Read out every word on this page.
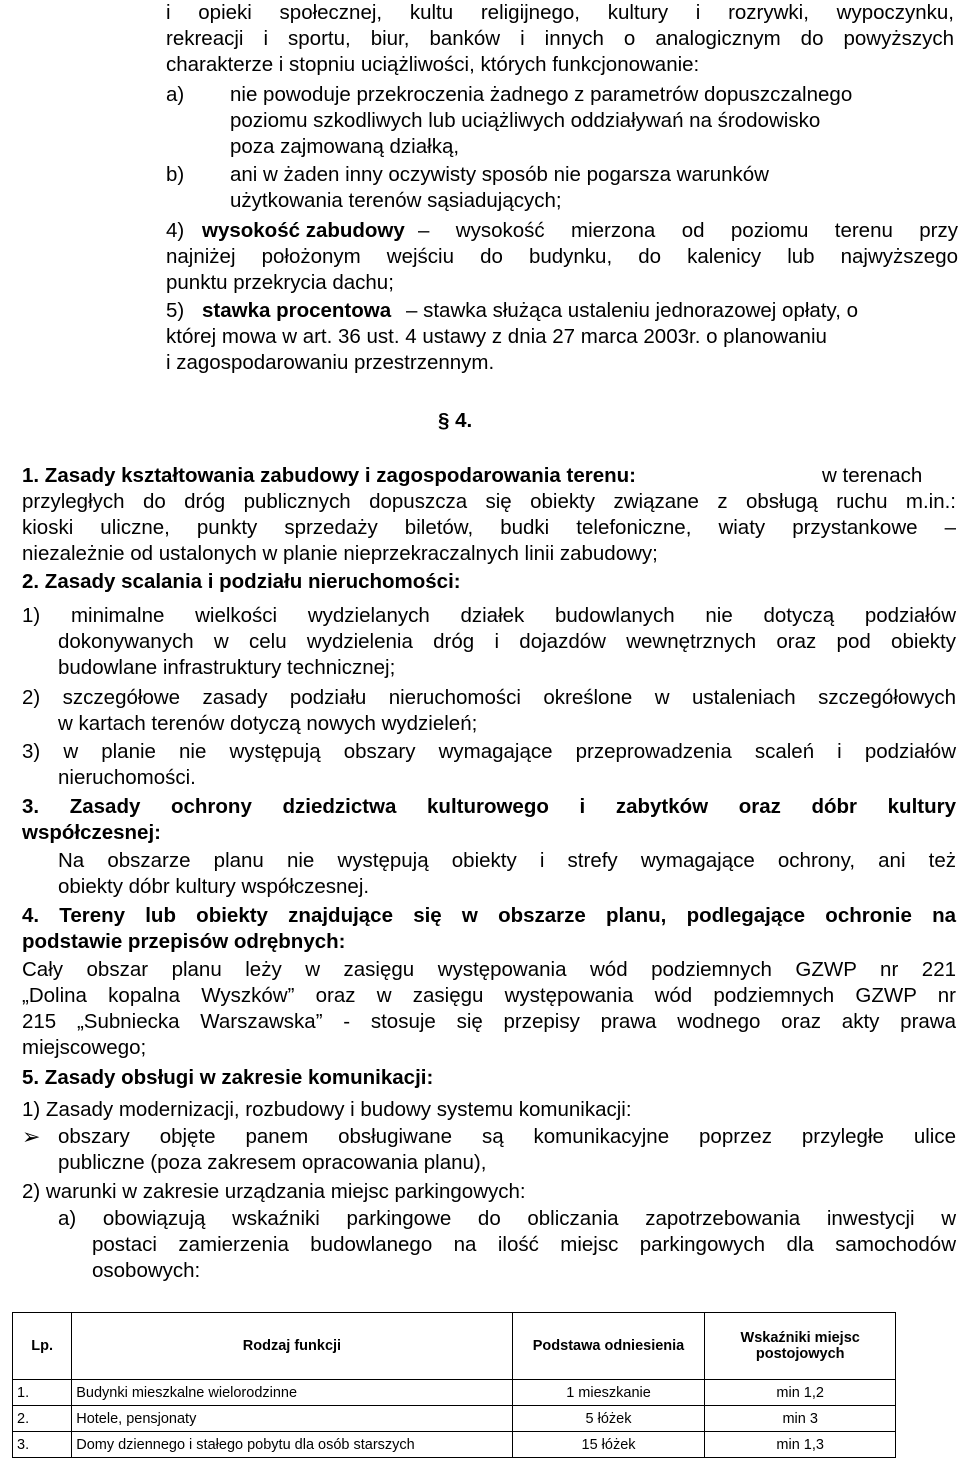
i opieki społecznej, kultu religijnego, kultury i rozrywki, wypoczynku,
rekreacji i sportu, biur, banków i innych o analogicznym do powyższych
charakterze i stopniu uciążliwości, których funkcjonowanie:
a) nie powoduje przekroczenia żadnego z parametrów dopuszczalnego
poziomu szkodliwych lub uciążliwych oddziaływań na środowisko
poza zajmowaną działką,
b) ani w żaden inny oczywisty sposób nie pogarsza warunków
użytkowania terenów sąsiadujących;
4) wysokość zabudowy – wysokość mierzona od poziomu terenu przy
najniżej położonym wejściu do budynku, do kalenicy lub najwyższego
punktu przekrycia dachu;
5) stawka procentowa – stawka służąca ustaleniu jednorazowej opłaty, o
której mowa w art. 36 ust. 4 ustawy z dnia 27 marca 2003r. o planowaniu
i zagospodarowaniu przestrzennym.
§ 4.
1. Zasady kształtowania zabudowy i zagospodarowania terenu:	w terenach
przyległych do dróg publicznych dopuszcza się obiekty związane z obsługą ruchu m.in.:
kioski uliczne, punkty sprzedaży biletów, budki telefoniczne, wiaty przystankowe –
niezależnie od ustalonych w planie nieprzekraczalnych linii zabudowy;
2. Zasady scalania i podziału nieruchomości:
1) minimalne wielkości wydzielanych działek budowlanych nie dotyczą podziałów
dokonywanych w celu wydzielenia dróg i dojazdów wewnętrznych oraz pod obiekty
budowlane infrastruktury technicznej;
2) szczegółowe zasady podziału nieruchomości określone w ustaleniach szczegółowych
w kartach terenów dotyczą nowych wydzieleń;
3) w planie nie występują obszary wymagające przeprowadzenia scaleń i podziałów
nieruchomości.
3. Zasady ochrony dziedzictwa kulturowego i zabytków oraz dóbr kultury
współczesnej:
Na obszarze planu nie występują obiekty i strefy wymagające ochrony, ani też
obiekty dóbr kultury współczesnej.
4. Tereny lub obiekty znajdujące się w obszarze planu, podlegające ochronie na
podstawie przepisów odrębnych:
Cały obszar planu leży w zasięgu występowania wód podziemnych GZWP nr 221
„Dolina kopalna Wyszków” oraz w zasięgu występowania wód podziemnych GZWP nr
215 „Subniecka Warszawska” - stosuje się przepisy prawa wodnego oraz akty prawa
miejscowego;
5. Zasady obsługi w zakresie komunikacji:
1) Zasady modernizacji, rozbudowy i budowy systemu komunikacji:
➢ obszary objęte panem obsługiwane są komunikacyjne poprzez przyległe ulice
publiczne (poza zakresem opracowania planu),
2) warunki w zakresie urządzania miejsc parkingowych:
a) obowiązują wskaźniki parkingowe do obliczania zapotrzebowania inwestycji w
postaci zamierzenia budowlanego na ilość miejsc parkingowych dla samochodów
osobowych:
Lp.	Rodzaj funkcji	Podstawa odniesienia	Wskaźniki miejsc postojowych
1.	Budynki mieszkalne wielorodzinne	1 mieszkanie	min 1,2
2.	Hotele, pensjonaty	5 łóżek	min 3
3.	Domy dziennego i stałego pobytu dla osób starszych	15 łóżek	min 1,3
